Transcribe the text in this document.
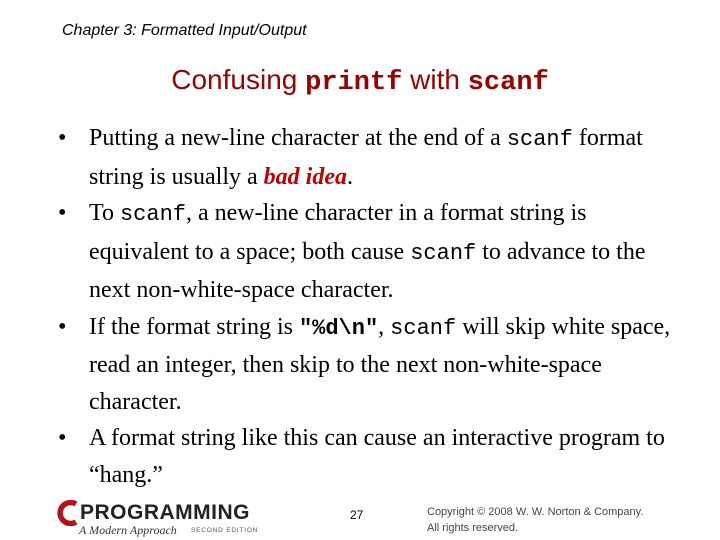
Chapter 3: Formatted Input/Output
Confusing printf with scanf
• Putting a new-line character at the end of a scanf format string is usually a bad idea.
• To scanf, a new-line character in a format string is equivalent to a space; both cause scanf to advance to the next non-white-space character.
• If the format string is "%d\n", scanf will skip white space, read an integer, then skip to the next non-white-space character.
• A format string like this can cause an interactive program to “hang.”
PROGRAMMING
A Modern Approach SECOND EDITION
27	Copyright © 2008 W. W. Norton & Company.
All rights reserved.
